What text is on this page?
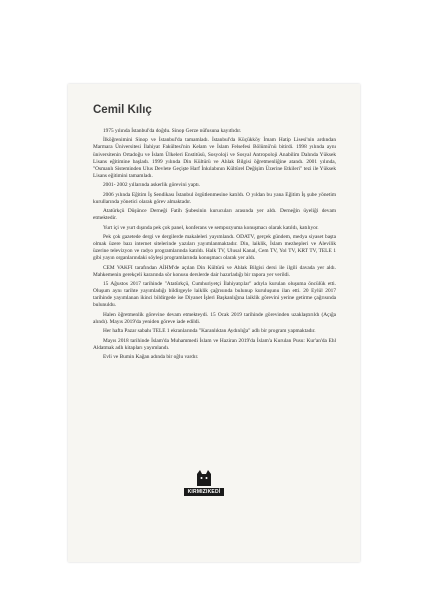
Cemil Kılıç

1975 yılında İstanbul'da doğdu. Sinop Gerze nüfusuna kayıtlıdır.

İlköğrenimini Sinop ve İstanbul'da tamamladı. İstanbul'da Küçükköy İmam Hatip Lisesi'nin ardından Marmara Üniversitesi İlahiyat Fakültesi'nin Kelam ve İslam Felsefesi Bölümü'nü bitirdi. 1998 yılında aynı üniversitenin Ortadoğu ve İslam Ülkeleri Enstitüsü, Sosyoloji ve Sosyal Antropoloji Anabilim Dalında Yüksek Lisans eğitimine başladı. 1999 yılında Din Kültürü ve Ahlak Bilgisi öğretmenliğine atandı. 2001 yılında, "Osmanlı Sisteminden Ulus Devlete Geçişte Harf İnkılabının Kültürel Değişim Üzerine Etkileri" tezi ile Yüksek Lisans eğitimini tamamladı.

2001- 2002 yıllarında askerlik görevini yaptı.

2006 yılında Eğitim İş Sendikası İstanbul örgütlenmesine katıldı. O yıldan bu yana Eğitim İş şube yönetim kurullarında yönetici olarak görev almaktadır.

Atatürkçü Düşünce Derneği Fatih Şubesinin kurucuları arasında yer aldı. Derneğin üyeliği devam etmektedir.

Yurt içi ve yurt dışında pek çok panel, konferans ve sempozyuma konuşmacı olarak katıldı, katılıyor.

Pek çok gazetede dergi ve dergilerde makaleleri yayımlandı. ODATV, gerçek gündem, medya siyaset başta olmak üzere bazı internet sitelerinde yazıları yayımlanmaktadır. Din, laiklik, İslam mezhepleri ve Alevilik üzerine televizyon ve radyo programlarında katıldı. Halk TV, Ulusal Kanal, Cem TV, Yol TV, KRT TV, TELE 1 gibi yayın organlarındaki söyleşi programlarında konuşmacı olarak yer aldı.

CEM VAKFI tarafından AİHM'de açılan Din Kültürü ve Ahlak Bilgisi dersi ile ilgili davada yer aldı. Mahkemenin gerekçeli kararında sör konusu derslerde dair hazırladığı bir rapora yer verildi.

15 Ağustos 2017 tarihinde "Atatürkçü, Cumhuriyetçi İlahiyatçılar" adıyla kurulan oluşuma öncülük etti. Oluşum aynı tarihte yayımladığı bildirgeyle laiklik çağrısında bulunup kuruluşunu ilan etti. 20 Eylül 2017 tarihinde yayımlanan ikinci bildirgede ise Diyanet İşleri Başkanlığına laiklik görevini yerine getirme çağrısında bulunuldu.

Halen öğretmenlik görevine devam etmekteydi. 15 Ocak 2019 tarihinde görevinden uzaklaştırıldı (Açığa alındı). Mayıs 2019'da yeniden göreve iade edildi.

Her hafta Pazar sabahı TELE 1 ekranlarında "Karanlıktan Aydınlığa" adlı bir program yapmaktadır.

Mayıs 2018 tarihinde İslam'da Muhammedi İslam ve Haziran 2019'da İslam'a Kurulan Pusu: Kur'an'da Ehl Aldatmak adlı kitapları yayımlandı.

Evli ve Bumin Kağan adında bir oğlu vardır.

KIRMIZIKEDİ
